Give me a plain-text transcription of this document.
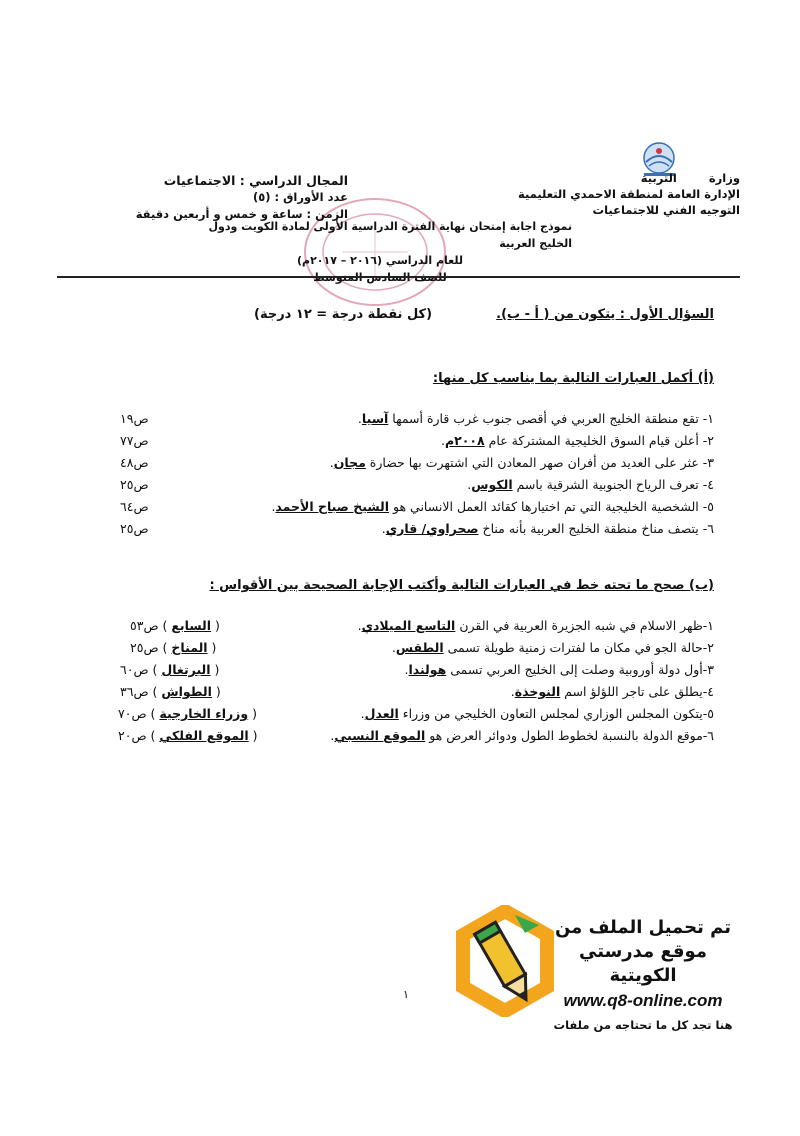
وزارةالتربية
الإدارة العامة لمنطقة الاحمدي التعليمية
التوجيه الفني للاجتماعيات
المجال الدراسي : الاجتماعيات
عدد الأوراق : (٥)
الزمن : ساعة و خمس و أربعين دقيقة
نموذج اجابة إمتحان نهاية الفترة الدراسية الأولى لمادة الكويت ودول الخليج العربية
للعام الدراسي (٢٠١٦ – ٢٠١٧م)
السؤال الأول : يتكون من ( أ - ب).
(كل نقطة درجة = ١٢ درجة)
(أ) أكمل العبارات التالية بما يناسب كل منها:
١- تقع منطقة الخليج العربي في أقصى جنوب غرب قارة أسمها آسيا.
ص١٩
٢- أعلن قيام السوق الخليجية المشتركة عام ٢٠٠٨م.
ص٧٧
٣- عثر على العديد من أفران صهر المعادن التي اشتهرت بها حضارة مجان.
ص٤٨
٤- تعرف الرياح الجنوبية الشرقية باسم الكوس.
ص٢٥
٥- الشخصية الخليجية التي تم اختيارها كقائد العمل الانساني هو الشيخ صباح الأحمد.
ص٦٤
٦- يتصف مناخ منطقة الخليج العربية بأنه مناخ صحراوي/ قاري.
ص٢٥
(ب) صحح ما تحته خط في العبارات التالية وأكتب الإجابة الصحيحة بين الأقواس :
١-ظهر الاسلام في شبه الجزيرة العربية في القرن التاسع الميلادي.
( السابع ) ص٥٣
٢-حالة الجو في مكان ما لفترات زمنية طويلة تسمى الطقس.
( المناخ ) ص٢٥
٣-أول دولة أوروبية وصلت إلى الخليج العربي تسمى هولندا.
( البرتغال ) ص٦٠
٤-يطلق على تاجر اللؤلؤ اسم النوخذة.
( الطواش ) ص٣٦
٥-يتكون المجلس الوزاري لمجلس التعاون الخليجي من وزراء العدل.
( وزراء الخارجية ) ص٧٠
٦-موقع الدولة بالنسبة لخطوط الطول ودوائر العرض هو الموقع النسبي.
( الموقع الفلكي ) ص٢٠
١
تم تحميل الملف من
موقع مدرستي الكويتية
www.q8-online.com
هنا تجد كل ما تحتاجه من ملفات
